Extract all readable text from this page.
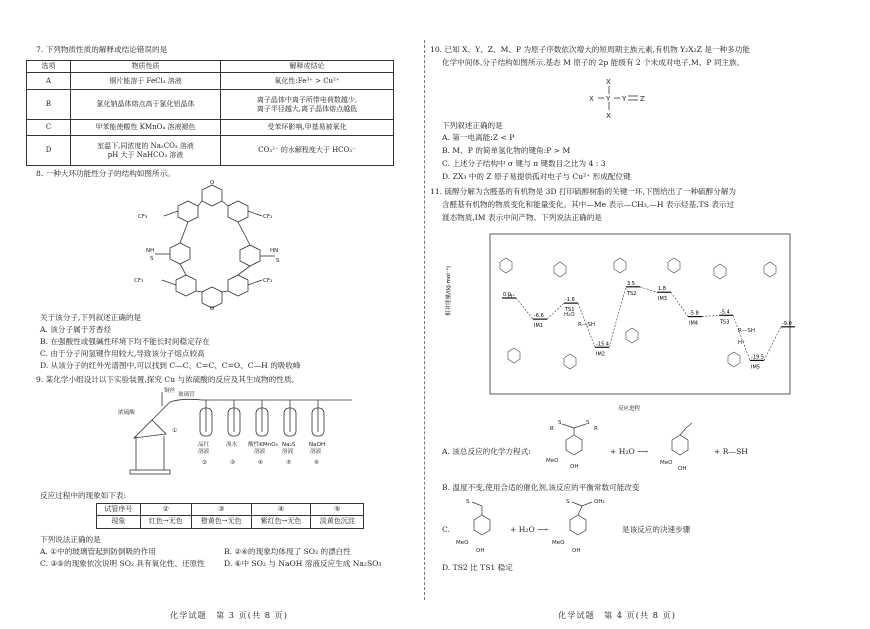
7. 下列物质性质的解释或结论错误的是
选项	物质性质	解释或结论
A	铜片能溶于 FeCl₃ 溶液	氧化性:Fe³⁺ > Cu²⁺
B	氯化钠晶体熔点高于氯化铝晶体	离子晶体中离子所带电荷数越少,
离子半径越大,离子晶体熔点越低

C	甲苯能使酸性 KMnO₄ 溶液褪色	受苯环影响,甲基易被氧化
D	室温下,同浓度的 Na₂CO₃ 溶液
pH 大于 NaHCO₃ 溶液	CO₃²⁻ 的水解程度大于 HCO₃⁻
8. 一种大环功能性分子的结构如图所示。
CF₃	CF₃
CF₃	CF₃
NH	HN
S	S
O
O
关于该分子,下列叙述正确的是
A. 该分子属于芳香烃
B. 在强酸性或强碱性环境下均不能长时间稳定存在
C. 由于分子间氢键作用较大,导致该分子熔点较高
D. 从该分子的红外光谱图中,可以找到 C—C、C=C、C=O、C—H 的吸收峰
9. 某化学小组设计以下实验装置,探究 Cu 与浓硫酸的反应及其生成物的性质。
铜丝
浓硫酸
玻璃管
①
品红
溶液
②
溴水
③
酸性KMnO₄
溶液
④
Na₂S
溶液
⑤
NaOH
溶液
⑥
反应过程中的现象如下表:
试管序号	②	③	④	⑤
现象	红色→无色	橙黄色→无色	紫红色→无色	淡黄色沉淀
下列说法正确的是
A. ①中的玻璃管起到防倒吸的作用	B. ②④的现象均体现了 SO₂ 的漂白性
C. ③⑤的现象依次说明 SO₂ 具有氧化性、还原性	D. ⑥中 SO₂ 与 NaOH 溶液反应生成 Na₂SO₃
化学试题　第 3 页(共 8 页)
10. 已知 X、Y、Z、M、P 为原子序数依次增大的短周期主族元素,有机物 Y₂X₂Z 是一种多功能
化学中间体,分子结构如图所示,基态 M 原子的 2p 能级有 2 个未成对电子,M、P 同主族。
X
X Y Y Z
X
下列叙述正确的是
A. 第一电离能:Z < P
B. M、P 的简单氢化物的键角:P > M
C. 上述分子结构中 σ 键与 π 键数目之比为 4 : 3
D. ZX₃ 中的 Z 原子易提供孤对电子与 Cu²⁺ 形成配位键
11. 硫醇分解为含醛基的有机物是 3D 打印硫醇树脂的关键一环,下图给出了一种硫醇分解为
含醛基有机物的物质变化和能量变化。其中—Me 表示—CH₃,—H 表示烃基,TS 表示过
渡态物质,IM 表示中间产物。下列说法正确的是
相对能量/(kJ·mol⁻¹)
反应进程
0.0
-6.6
IM1
-1.6
TS1
-15.4
IM2
3.5
TS2
1.8
IM3
-5.8
IM4
-5.4
TS3
-19.5
IM5
-9.0
H₂O
R—SH
R—SH
H⁺
H⁺
A. 该总反应的化学方程式:
R
S	S
R
MeO
OH
+ H₂O ⟶
MeO
OH
+ R—SH
B. 温度不变,使用合适的催化剂,该反应的平衡常数可能改变
C.
S
MeO
OH
+ H₂O ⟶
S	OH₂
MeO
OH
是该反应的决速步骤
D. TS2 比 TS1 稳定
化学试题　第 4 页(共 8 页)
